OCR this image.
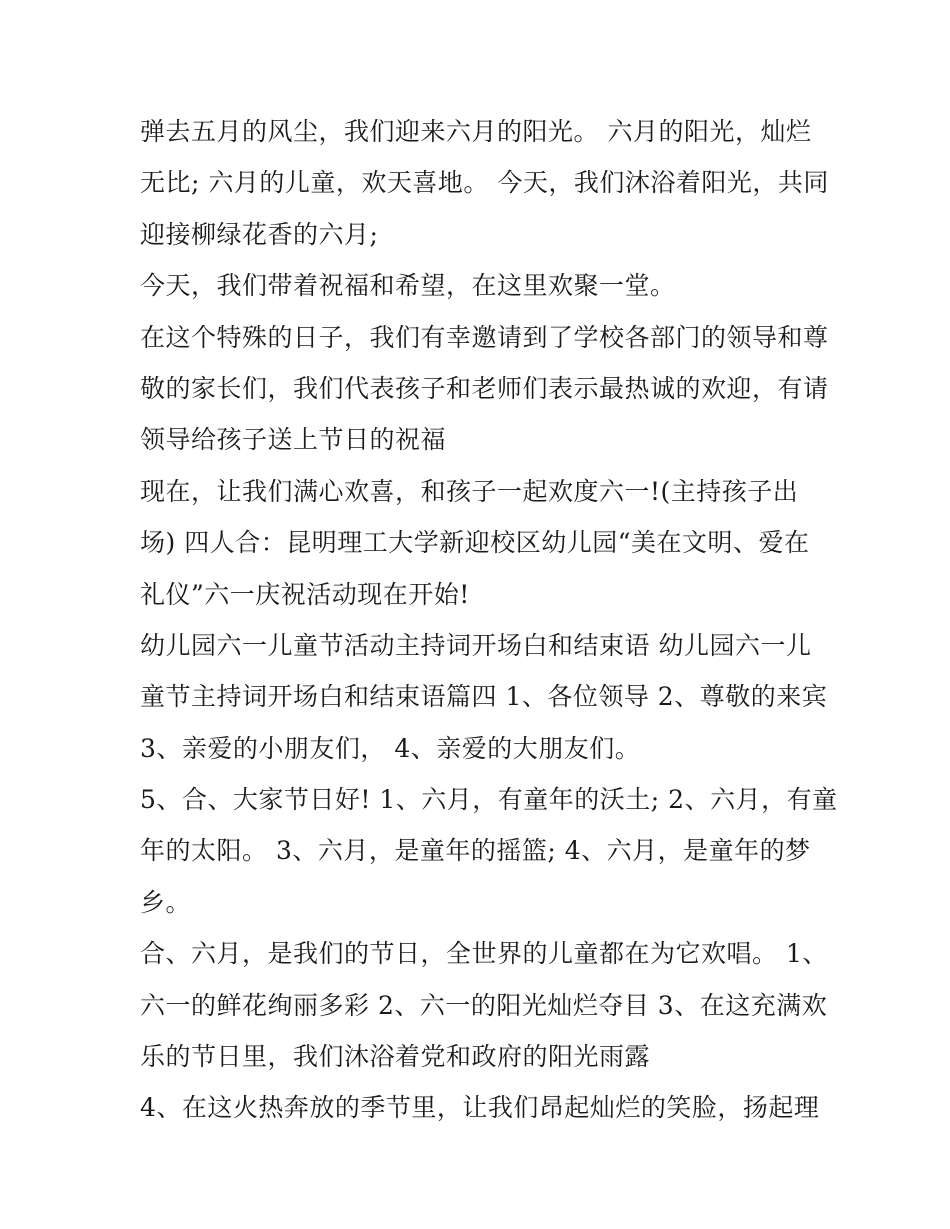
弹去五月的风尘，我们迎来六月的阳光。 六月的阳光，灿烂
无比; 六月的儿童，欢天喜地。 今天，我们沐浴着阳光，共同
迎接柳绿花香的六月;
今天，我们带着祝福和希望，在这里欢聚一堂。
在这个特殊的日子，我们有幸邀请到了学校各部门的领导和尊
敬的家长们，我们代表孩子和老师们表示最热诚的欢迎，有请
领导给孩子送上节日的祝福
现在，让我们满心欢喜，和孩子一起欢度六一!(主持孩子出
场) 四人合：昆明理工大学新迎校区幼儿园“美在文明、爱在
礼仪”六一庆祝活动现在开始!
幼儿园六一儿童节活动主持词开场白和结束语 幼儿园六一儿
童节主持词开场白和结束语篇四 1、各位领导 2、尊敬的来宾
3、亲爱的小朋友们， 4、亲爱的大朋友们。
5、合、大家节日好! 1、六月，有童年的沃土; 2、六月，有童
年的太阳。 3、六月，是童年的摇篮; 4、六月，是童年的梦
乡。
合、六月，是我们的节日，全世界的儿童都在为它欢唱。 1、
六一的鲜花绚丽多彩 2、六一的阳光灿烂夺目 3、在这充满欢
乐的节日里，我们沐浴着党和政府的阳光雨露
4、在这火热奔放的季节里，让我们昂起灿烂的笑脸，扬起理
